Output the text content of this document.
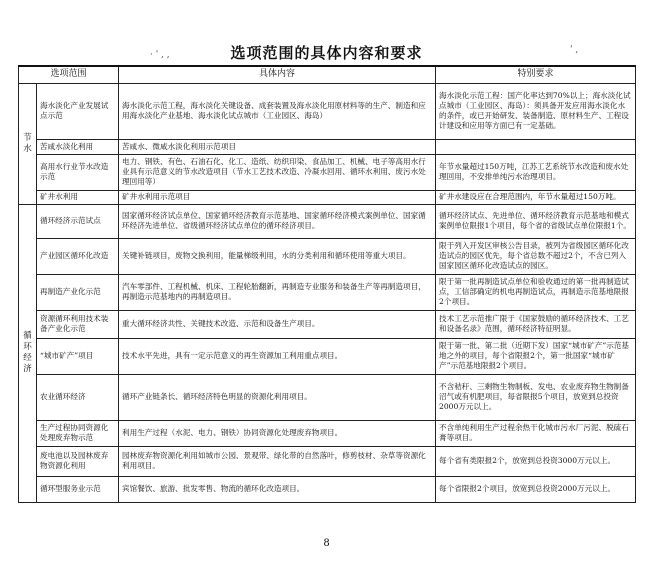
· ' , ,	' ,
选项范围的具体内容和要求
选项范围		具体内容	特别要求
节水	海水淡化产业发展试点示范	海水淡化示范工程，海水淡化关键设备、成套装置及海水淡化用原材料等的生产、制造和应用海水淡化产业基地、海水淡化试点城市（工业园区、海岛）	海水淡化示范工程：国产化率达到70%以上；海水淡化试点城市（工业园区、海岛）：须具备开发应用海水淡化水的条件，或已开始研发、装备制造、原材料生产、工程设计建设和应用等方面已有一定基础。
	苦咸水淡化利用	苦咸水、微咸水淡化利用示范项目	
	高用水行业节水改造示范	电力、钢铁、有色、石油石化、化工、造纸、纺织印染、食品加工、机械、电子等高用水行业具有示范意义的节水改造项目（节水工艺技术改造、冷凝水回用、循环水利用、废污水处理回用等）	年节水量超过150万吨，江苏工艺系统节水改造和废水处理回用，不安排单纯污水治理项目。
	矿井水利用	矿井水利用示范项目	矿井水建设应在合理范围内，年节水量超过150万吨。
循环经济	循环经济示范试点	国家循环经济试点单位、国家循环经济教育示范基地、国家循环经济模式案例单位、国家循环经济先进单位、省级循环经济试点单位的循环经济项目。	循环经济试点、先进单位、循环经济教育示范基地和模式案例单位限报1个项目，每个省的省级试点单位限报1个。
	产业园区循环化改造	关键补链项目，废物交换利用，能量梯级利用，水的分类利用和循环使用等重大项目。	限于列入开发区审核公告目录，被列为省级园区循环化改造试点的园区优先，每个省总数不超过2个，不含已列入国家园区循环化改造试点的园区。
	再制造产业化示范	汽车零部件、工程机械、机床、工程轮胎翻新，再制造专业服务和装备生产等再制造项目，再制造示范基地内的再制造项目。	限于第一批再制造试点单位和验收通过的第一批再制造试点，工信部确定的机电再制造试点，再制造示范基地限报2个项目。
	资源循环利用技术装备产业化示范	重大循环经济共性、关键技术改造、示范和设备生产项目。	技术工艺示范推广限于《国家鼓励的循环经济技术、工艺和设备名录》范围，循环经济特征明显。
	“城市矿产”项目	技术水平先进，具有一定示范意义的再生资源加工利用重点项目。	限于第一批、第二批（近期下发）国家“城市矿产”示范基地之外的项目，每个省限报2个，第一批国家“城市矿产”示范基地限报2个项目。
	农业循环经济	循环产业链条长、循环经济特色明显的资源化利用项目。	不含秸秆、三剩物生物制板、发电、农业废弃物生物制备沼气或有机肥项目，每省限报5个项目，放宽到总投资2000万元以上。
	生产过程协同资源化处理废弃物示范	利用生产过程（水泥、电力、钢铁）协同资源化处理废弃物项目。	不含单纯利用生产过程余热干化城市污水厂污泥、脱硫石膏等项目。
	废电池以及园林废弃物资源化利用	园林废弃物资源化利用如城市公园、景观带、绿化带的自然落叶，修剪枝材、杂草等资源化利用项目。	每个省有类限报2个，放宽到总投资3000万元以上。
	循环型服务业示范	宾馆餐饮、旅游、批发零售、物流的循环化改造项目。	每个省限报2个项目，放宽到总投资2000万元以上。
8
